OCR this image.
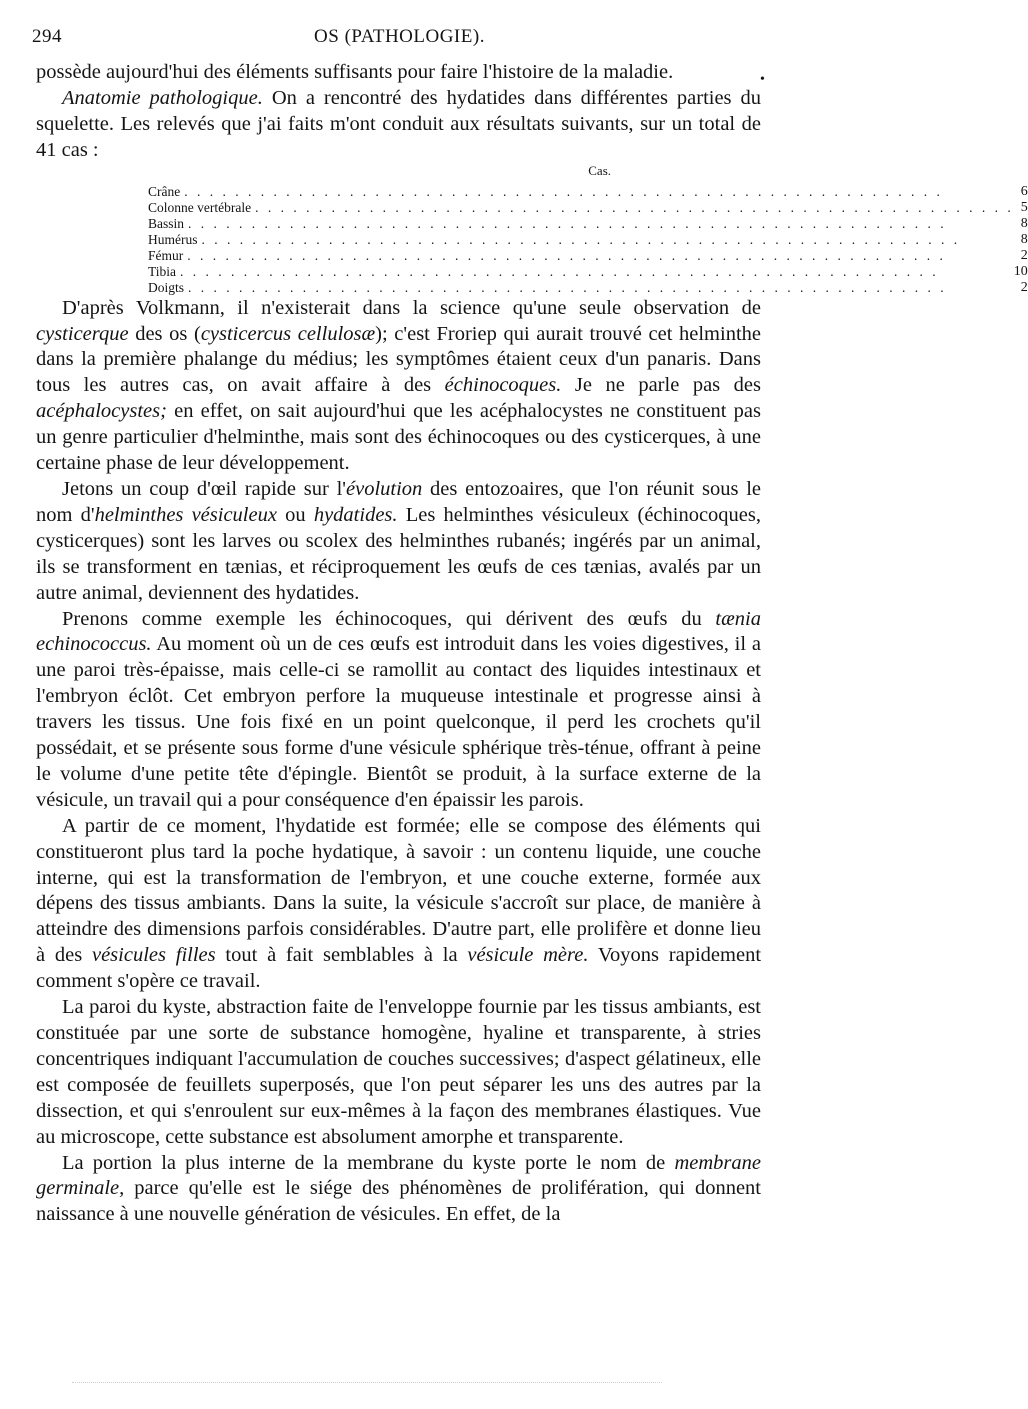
294	OS (PATHOLOGIE).
•

possède aujourd'hui des éléments suffisants pour faire l'histoire de la maladie.

Anatomie pathologique. On a rencontré des hydatides dans différentes parties du squelette. Les relevés que j'ai faits m'ont conduit aux résultats suivants, sur un total de 41 cas :

Cas.
Crâne . . . . . . . . . . . . . . . . . . . . . . . . . . . . . . . . . . . . . . . . . . . . . . . . . . . . . . . . . . . .	6
Colonne vertébrale . . . . . . . . . . . . . . . . . . . . . . . . . . . . . . . . . . . . . . . . . . . . . . . . . . . . . . . . . . . .	5
Bassin . . . . . . . . . . . . . . . . . . . . . . . . . . . . . . . . . . . . . . . . . . . . . . . . . . . . . . . . . . . .	8
Humérus . . . . . . . . . . . . . . . . . . . . . . . . . . . . . . . . . . . . . . . . . . . . . . . . . . . . . . . . . . . .	8
Fémur . . . . . . . . . . . . . . . . . . . . . . . . . . . . . . . . . . . . . . . . . . . . . . . . . . . . . . . . . . . .	2
Tibia . . . . . . . . . . . . . . . . . . . . . . . . . . . . . . . . . . . . . . . . . . . . . . . . . . . . . . . . . . . .	10
Doigts . . . . . . . . . . . . . . . . . . . . . . . . . . . . . . . . . . . . . . . . . . . . . . . . . . . . . . . . . . . .	2

D'après Volkmann, il n'existerait dans la science qu'une seule observation de cysticerque des os (cysticercus cellulosæ); c'est Froriep qui aurait trouvé cet helminthe dans la première phalange du médius; les symptômes étaient ceux d'un panaris. Dans tous les autres cas, on avait affaire à des échinocoques. Je ne parle pas des acéphalocystes; en effet, on sait aujourd'hui que les acéphalocystes ne constituent pas un genre particulier d'helminthe, mais sont des échinocoques ou des cysticerques, à une certaine phase de leur développement.

Jetons un coup d'œil rapide sur l'évolution des entozoaires, que l'on réunit sous le nom d'helminthes vésiculeux ou hydatides. Les helminthes vésiculeux (échinocoques, cysticerques) sont les larves ou scolex des helminthes rubanés; ingérés par un animal, ils se transforment en tænias, et réciproquement les œufs de ces tænias, avalés par un autre animal, deviennent des hydatides.

Prenons comme exemple les échinocoques, qui dérivent des œufs du tænia echinococcus. Au moment où un de ces œufs est introduit dans les voies digestives, il a une paroi très-épaisse, mais celle-ci se ramollit au contact des liquides intestinaux et l'embryon éclôt. Cet embryon perfore la muqueuse intestinale et progresse ainsi à travers les tissus. Une fois fixé en un point quelconque, il perd les crochets qu'il possédait, et se présente sous forme d'une vésicule sphérique très-ténue, offrant à peine le volume d'une petite tête d'épingle. Bientôt se produit, à la surface externe de la vésicule, un travail qui a pour conséquence d'en épaissir les parois.

A partir de ce moment, l'hydatide est formée; elle se compose des éléments qui constitueront plus tard la poche hydatique, à savoir : un contenu liquide, une couche interne, qui est la transformation de l'embryon, et une couche externe, formée aux dépens des tissus ambiants. Dans la suite, la vésicule s'accroît sur place, de manière à atteindre des dimensions parfois considérables. D'autre part, elle prolifère et donne lieu à des vésicules filles tout à fait semblables à la vésicule mère. Voyons rapidement comment s'opère ce travail.

La paroi du kyste, abstraction faite de l'enveloppe fournie par les tissus ambiants, est constituée par une sorte de substance homogène, hyaline et transparente, à stries concentriques indiquant l'accumulation de couches successives; d'aspect gélatineux, elle est composée de feuillets superposés, que l'on peut séparer les uns des autres par la dissection, et qui s'enroulent sur eux-mêmes à la façon des membranes élastiques. Vue au microscope, cette substance est absolument amorphe et transparente.

La portion la plus interne de la membrane du kyste porte le nom de membrane germinale, parce qu'elle est le siége des phénomènes de prolifération, qui donnent naissance à une nouvelle génération de vésicules. En effet, de la
